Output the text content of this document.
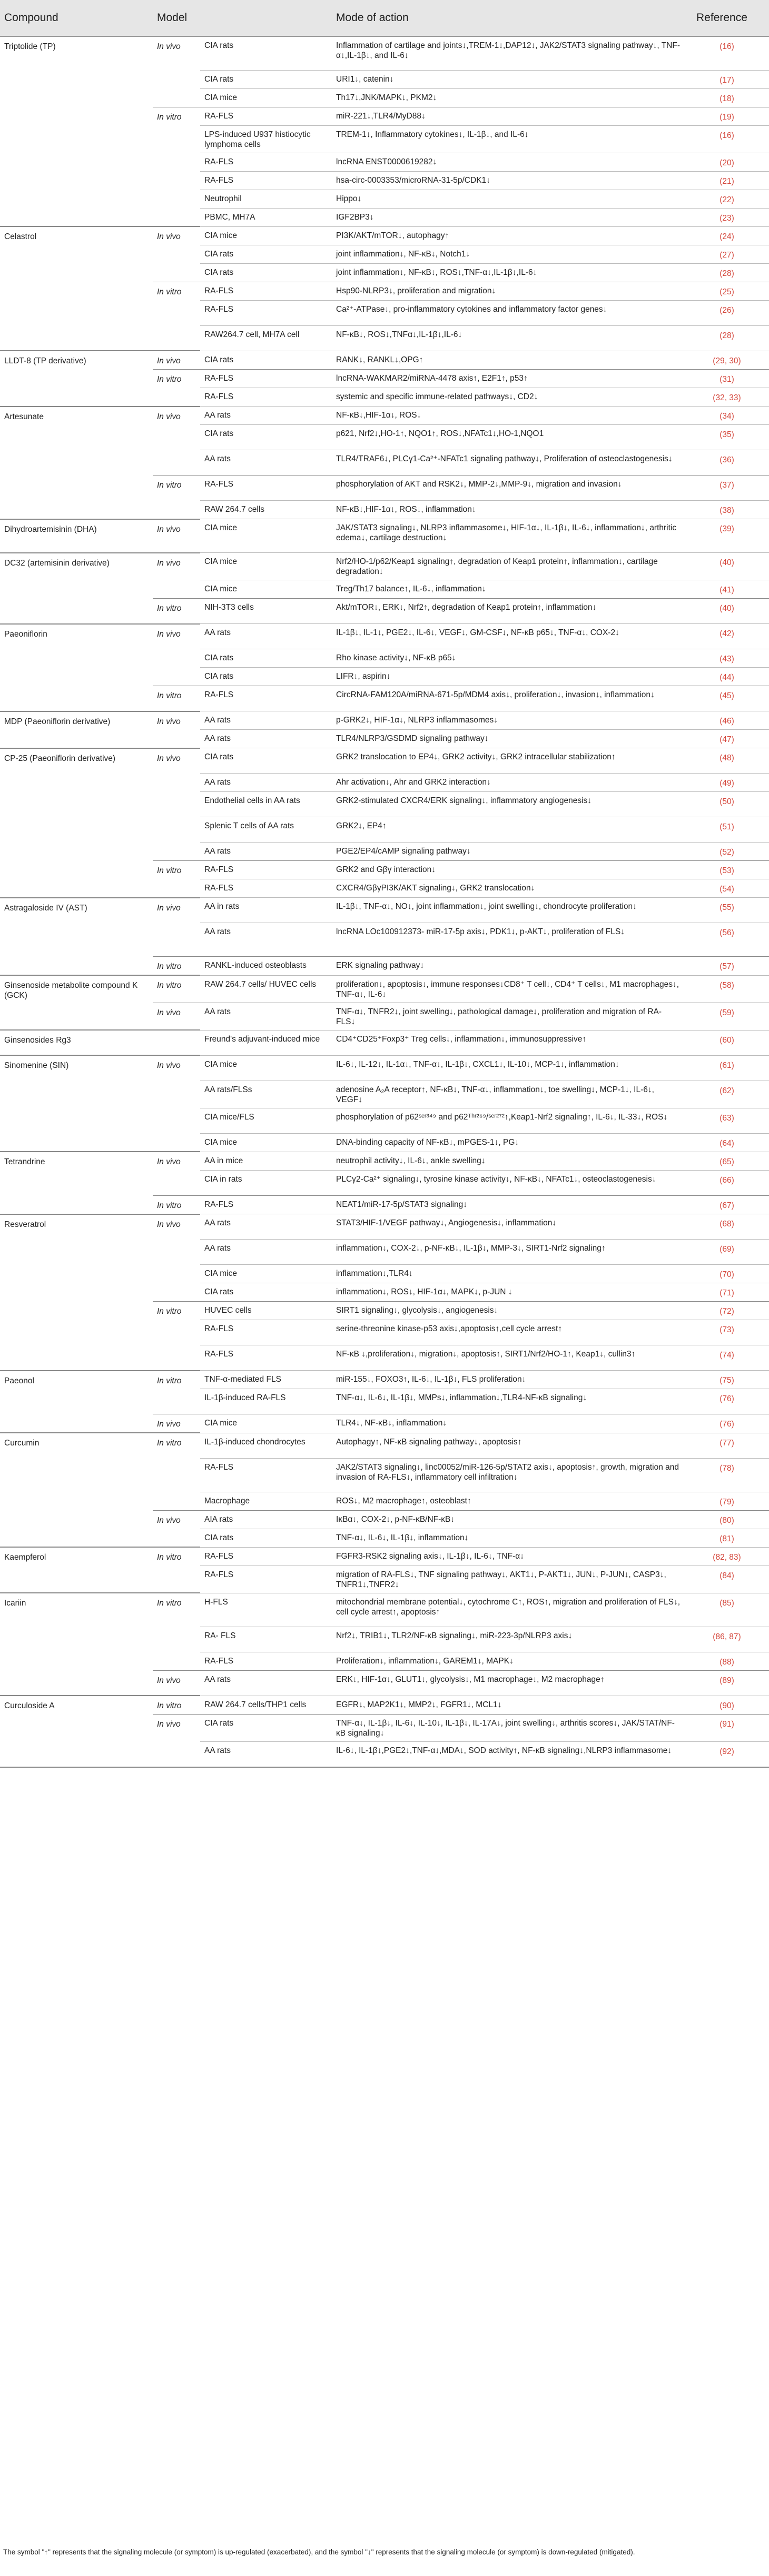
Compound	Model		Mode of action	Reference
Triptolide (TP)	In vivo	CIA rats	Inflammation of cartilage and joints↓,TREM-1↓,DAP12↓, JAK2/STAT3 signaling pathway↓, TNF-α↓,IL-1β↓, and IL-6↓	(16)
		CIA rats	URI1↓, catenin↓	(17)
		CIA mice	Th17↓,JNK/MAPK↓, PKM2↓	(18)
	In vitro	RA-FLS	miR-221↓,TLR4/MyD88↓	(19)
		LPS-induced U937 histiocytic lymphoma cells	TREM-1↓, Inflammatory cytokines↓, IL-1β↓, and IL-6↓	(16)
		RA-FLS	lncRNA ENST0000619282↓	(20)
		RA-FLS	hsa-circ-0003353/microRNA-31-5p/CDK1↓	(21)
		Neutrophil	Hippo↓	(22)
		PBMC, MH7A	IGF2BP3↓	(23)
Celastrol	In vivo	CIA mice	PI3K/AKT/mTOR↓, autophagy↑	(24)
		CIA rats	joint inflammation↓, NF-κB↓, Notch1↓	(27)
		CIA rats	joint inflammation↓, NF-κB↓, ROS↓,TNF-α↓,IL-1β↓,IL-6↓	(28)
	In vitro	RA-FLS	Hsp90-NLRP3↓, proliferation and migration↓	(25)
		RA-FLS	Ca²⁺-ATPase↓, pro-inflammatory cytokines and inflammatory factor genes↓	(26)
		RAW264.7 cell, MH7A cell	NF-κB↓, ROS↓,TNFα↓,IL-1β↓,IL-6↓	(28)
LLDT-8 (TP derivative)	In vivo	CIA rats	RANK↓, RANKL↓,OPG↑	(29, 30)
	In vitro	RA-FLS	lncRNA-WAKMAR2/miRNA-4478 axis↑, E2F1↑, p53↑	(31)
		RA-FLS	systemic and specific immune-related pathways↓, CD2↓	(32, 33)
Artesunate	In vivo	AA rats	NF-κB↓,HIF-1α↓, ROS↓	(34)
		CIA rats	p621, Nrf2↓,HO-1↑, NQO1↑, ROS↓,NFATc1↓,HO-1,NQO1	(35)
		AA rats	TLR4/TRAF6↓, PLCγ1-Ca²⁺-NFATc1 signaling pathway↓, Proliferation of osteoclastogenesis↓	(36)
	In vitro	RA-FLS	phosphorylation of AKT and RSK2↓, MMP-2↓,MMP-9↓, migration and invasion↓	(37)
		RAW 264.7 cells	NF-κB↓,HIF-1α↓, ROS↓, inflammation↓	(38)
Dihydroartemisinin (DHA)	In vivo	CIA mice	JAK/STAT3 signaling↓, NLRP3 inflammasome↓, HIF-1α↓, IL-1β↓, IL-6↓, inflammation↓, arthritic edema↓, cartilage destruction↓	(39)
DC32 (artemisinin derivative)	In vivo	CIA mice	Nrf2/HO-1/p62/Keap1 signaling↑, degradation of Keap1 protein↑, inflammation↓, cartilage degradation↓	(40)
		CIA mice	Treg/Th17 balance↑, IL-6↓, inflammation↓	(41)
	In vitro	NIH-3T3 cells	Akt/mTOR↓, ERK↓, Nrf2↑, degradation of Keap1 protein↑, inflammation↓	(40)
Paeoniflorin	In vivo	AA rats	IL-1β↓, IL-1↓, PGE2↓, IL-6↓, VEGF↓, GM-CSF↓, NF-κB p65↓, TNF-α↓, COX-2↓	(42)
		CIA rats	Rho kinase activity↓, NF-κB p65↓	(43)
		CIA rats	LIFR↓, aspirin↓	(44)
	In vitro	RA-FLS	CircRNA-FAM120A/miRNA-671-5p/MDM4 axis↓, proliferation↓, invasion↓, inflammation↓	(45)
MDP (Paeoniflorin derivative)	In vivo	AA rats	p-GRK2↓, HIF-1α↓, NLRP3 inflammasomes↓	(46)
		AA rats	TLR4/NLRP3/GSDMD signaling pathway↓	(47)
CP-25 (Paeoniflorin derivative)	In vivo	CIA rats	GRK2 translocation to EP4↓, GRK2 activity↓, GRK2 intracellular stabilization↑	(48)
		AA rats	Ahr activation↓, Ahr and GRK2 interaction↓	(49)
		Endothelial cells in AA rats	GRK2-stimulated CXCR4/ERK signaling↓, inflammatory angiogenesis↓	(50)
		Splenic T cells of AA rats	GRK2↓, EP4↑	(51)
		AA rats	PGE2/EP4/cAMP signaling pathway↓	(52)
	In vitro	RA-FLS	GRK2 and Gβγ interaction↓	(53)
		RA-FLS	CXCR4/GβγPI3K/AKT signaling↓, GRK2 translocation↓	(54)
Astragaloside IV (AST)	In vivo	AA in rats	IL-1β↓, TNF-α↓, NO↓, joint inflammation↓, joint swelling↓, chondrocyte proliferation↓	(55)
		AA rats	lncRNA LOc100912373- miR-17-5p axis↓, PDK1↓, p-AKT↓, proliferation of FLS↓	(56)
	In vitro	RANKL-induced osteoblasts	ERK signaling pathway↓	(57)
Ginsenoside metabolite compound K (GCK)	In vitro	RAW 264.7 cells/ HUVEC cells	proliferation↓, apoptosis↓, immune responses↓CD8⁺ T cell↓, CD4⁺ T cells↓, M1 macrophages↓, TNF-α↓, IL-6↓	(58)
	In vivo	AA rats	TNF-α↓, TNFR2↓, joint swelling↓, pathological damage↓, proliferation and migration of RA-FLS↓	(59)
Ginsenosides Rg3		Freund's adjuvant-induced mice	CD4⁺CD25⁺Foxp3⁺ Treg cells↓, inflammation↓, immunosuppressive↑	(60)
Sinomenine (SIN)	In vivo	CIA mice	IL-6↓, IL-12↓, IL-1α↓, TNF-α↓, IL-1β↓, CXCL1↓, IL-10↓, MCP-1↓, inflammation↓	(61)
		AA rats/FLSs	adenosine A₂A receptor↑, NF-κB↓, TNF-α↓, inflammation↓, toe swelling↓, MCP-1↓, IL-6↓, VEGF↓	(62)
		CIA mice/FLS	phosphorylation of p62ˢᵉʳ³⁴⁹ and p62ᵀʰʳ²⁶⁹/ˢᵉʳ²⁷²↑,Keap1-Nrf2 signaling↑, IL-6↓, IL-33↓, ROS↓	(63)
		CIA mice	DNA-binding capacity of NF-κB↓, mPGES-1↓, PG↓	(64)
Tetrandrine	In vivo	AA in mice	neutrophil activity↓, IL-6↓, ankle swelling↓	(65)
		CIA in rats	PLCγ2-Ca²⁺ signaling↓, tyrosine kinase activity↓, NF-κB↓, NFATc1↓, osteoclastogenesis↓	(66)
	In vitro	RA-FLS	NEAT1/miR-17-5p/STAT3 signaling↓	(67)
Resveratrol	In vivo	AA rats	STAT3/HIF-1/VEGF pathway↓, Angiogenesis↓, inflammation↓	(68)
		AA rats	inflammation↓, COX-2↓, p-NF-κB↓, IL-1β↓, MMP-3↓, SIRT1-Nrf2 signaling↑	(69)
		CIA mice	inflammation↓,TLR4↓	(70)
		CIA rats	inflammation↓, ROS↓, HIF-1α↓, MAPK↓, p-JUN ↓	(71)
	In vitro	HUVEC cells	SIRT1 signaling↓, glycolysis↓, angiogenesis↓	(72)
		RA-FLS	serine-threonine kinase-p53 axis↓,apoptosis↑,cell cycle arrest↑	(73)
		RA-FLS	NF-κB ↓,proliferation↓, migration↓, apoptosis↑, SIRT1/Nrf2/HO-1↑, Keap1↓, cullin3↑	(74)
Paeonol	In vitro	TNF-α-mediated FLS	miR-155↓, FOXO3↑, IL-6↓, IL-1β↓, FLS proliferation↓	(75)
		IL-1β-induced RA-FLS	TNF-α↓, IL-6↓, IL-1β↓, MMPs↓, inflammation↓,TLR4-NF-κB signaling↓	(76)
	In vivo	CIA mice	TLR4↓, NF-κB↓, inflammation↓	(76)
Curcumin	In vitro	IL-1β-induced chondrocytes	Autophagy↑, NF-κB signaling pathway↓, apoptosis↑	(77)
		RA-FLS	JAK2/STAT3 signaling↓, linc00052/miR-126-5p/STAT2 axis↓, apoptosis↑, growth, migration and invasion of RA-FLS↓, inflammatory cell infiltration↓	(78)
		Macrophage	ROS↓, M2 macrophage↑, osteoblast↑	(79)
	In vivo	AIA rats	IκBα↓, COX-2↓, p-NF-κB/NF-κB↓	(80)
		CIA rats	TNF-α↓, IL-6↓, IL-1β↓, inflammation↓	(81)
Kaempferol	In vitro	RA-FLS	FGFR3-RSK2 signaling axis↓, IL-1β↓, IL-6↓, TNF-α↓	(82, 83)
		RA-FLS	migration of RA-FLS↓, TNF signaling pathway↓, AKT1↓, P-AKT1↓, JUN↓, P-JUN↓, CASP3↓, TNFR1↓,TNFR2↓	(84)
Icariin	In vitro	H-FLS	mitochondrial membrane potential↓, cytochrome C↑, ROS↑, migration and proliferation of FLS↓, cell cycle arrest↑, apoptosis↑	(85)
		RA- FLS	Nrf2↓, TRIB1↓, TLR2/NF-κB signaling↓, miR-223-3p/NLRP3 axis↓	(86, 87)
		RA-FLS	Proliferation↓, inflammation↓, GAREM1↓, MAPK↓	(88)
	In vivo	AA rats	ERK↓, HIF-1α↓, GLUT1↓, glycolysis↓, M1 macrophage↓, M2 macrophage↑	(89)
Curculoside A	In vitro	RAW 264.7 cells/THP1 cells	EGFR↓, MAP2K1↓, MMP2↓, FGFR1↓, MCL1↓	(90)
	In vivo	CIA rats	TNF-α↓, IL-1β↓, IL-6↓, IL-10↓, IL-1β↓, IL-17A↓, joint swelling↓, arthritis scores↓, JAK/STAT/NF-κB signaling↓	(91)
		AA rats	IL-6↓, IL-1β↓,PGE2↓,TNF-α↓,MDA↓, SOD activity↑, NF-κB signaling↓,NLRP3 inflammasome↓	(92)

The symbol "↑" represents that the signaling molecule (or symptom) is up-regulated (exacerbated), and the symbol "↓" represents that the signaling molecule (or symptom) is down-regulated (mitigated).
